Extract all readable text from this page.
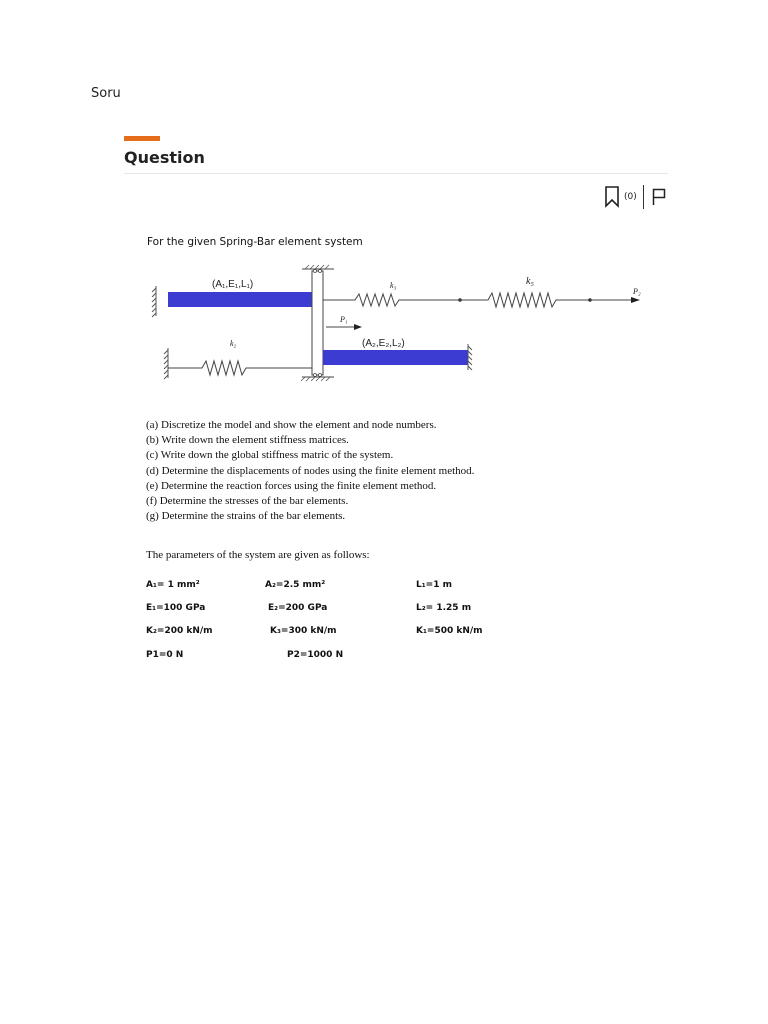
Soru
Question
(0)
For the given Spring-Bar element system
(A₁,E₁,L₁)
(A₂,E₂,L₂)
k₃
P₁
k₂
k₅
P₂
(a) Discretize the model and show the element and node numbers.
(b) Write down the element stiffness matrices.
(c) Write down the global stiffness matric of the system.
(d) Determine the displacements of nodes using the finite element method.
(e) Determine the reaction forces using the finite element method.
(f) Determine the stresses of the bar elements.
(g) Determine the strains of the bar elements.
The parameters of the system are given as follows:
A₁= 1 mm²	A₂=2.5 mm²	L₁=1 m
E₁=100 GPa	E₂=200 GPa	L₂= 1.25 m
K₂=200 kN/m	K₃=300 kN/m	K₁=500 kN/m
P1=0 N	P2=1000 N
